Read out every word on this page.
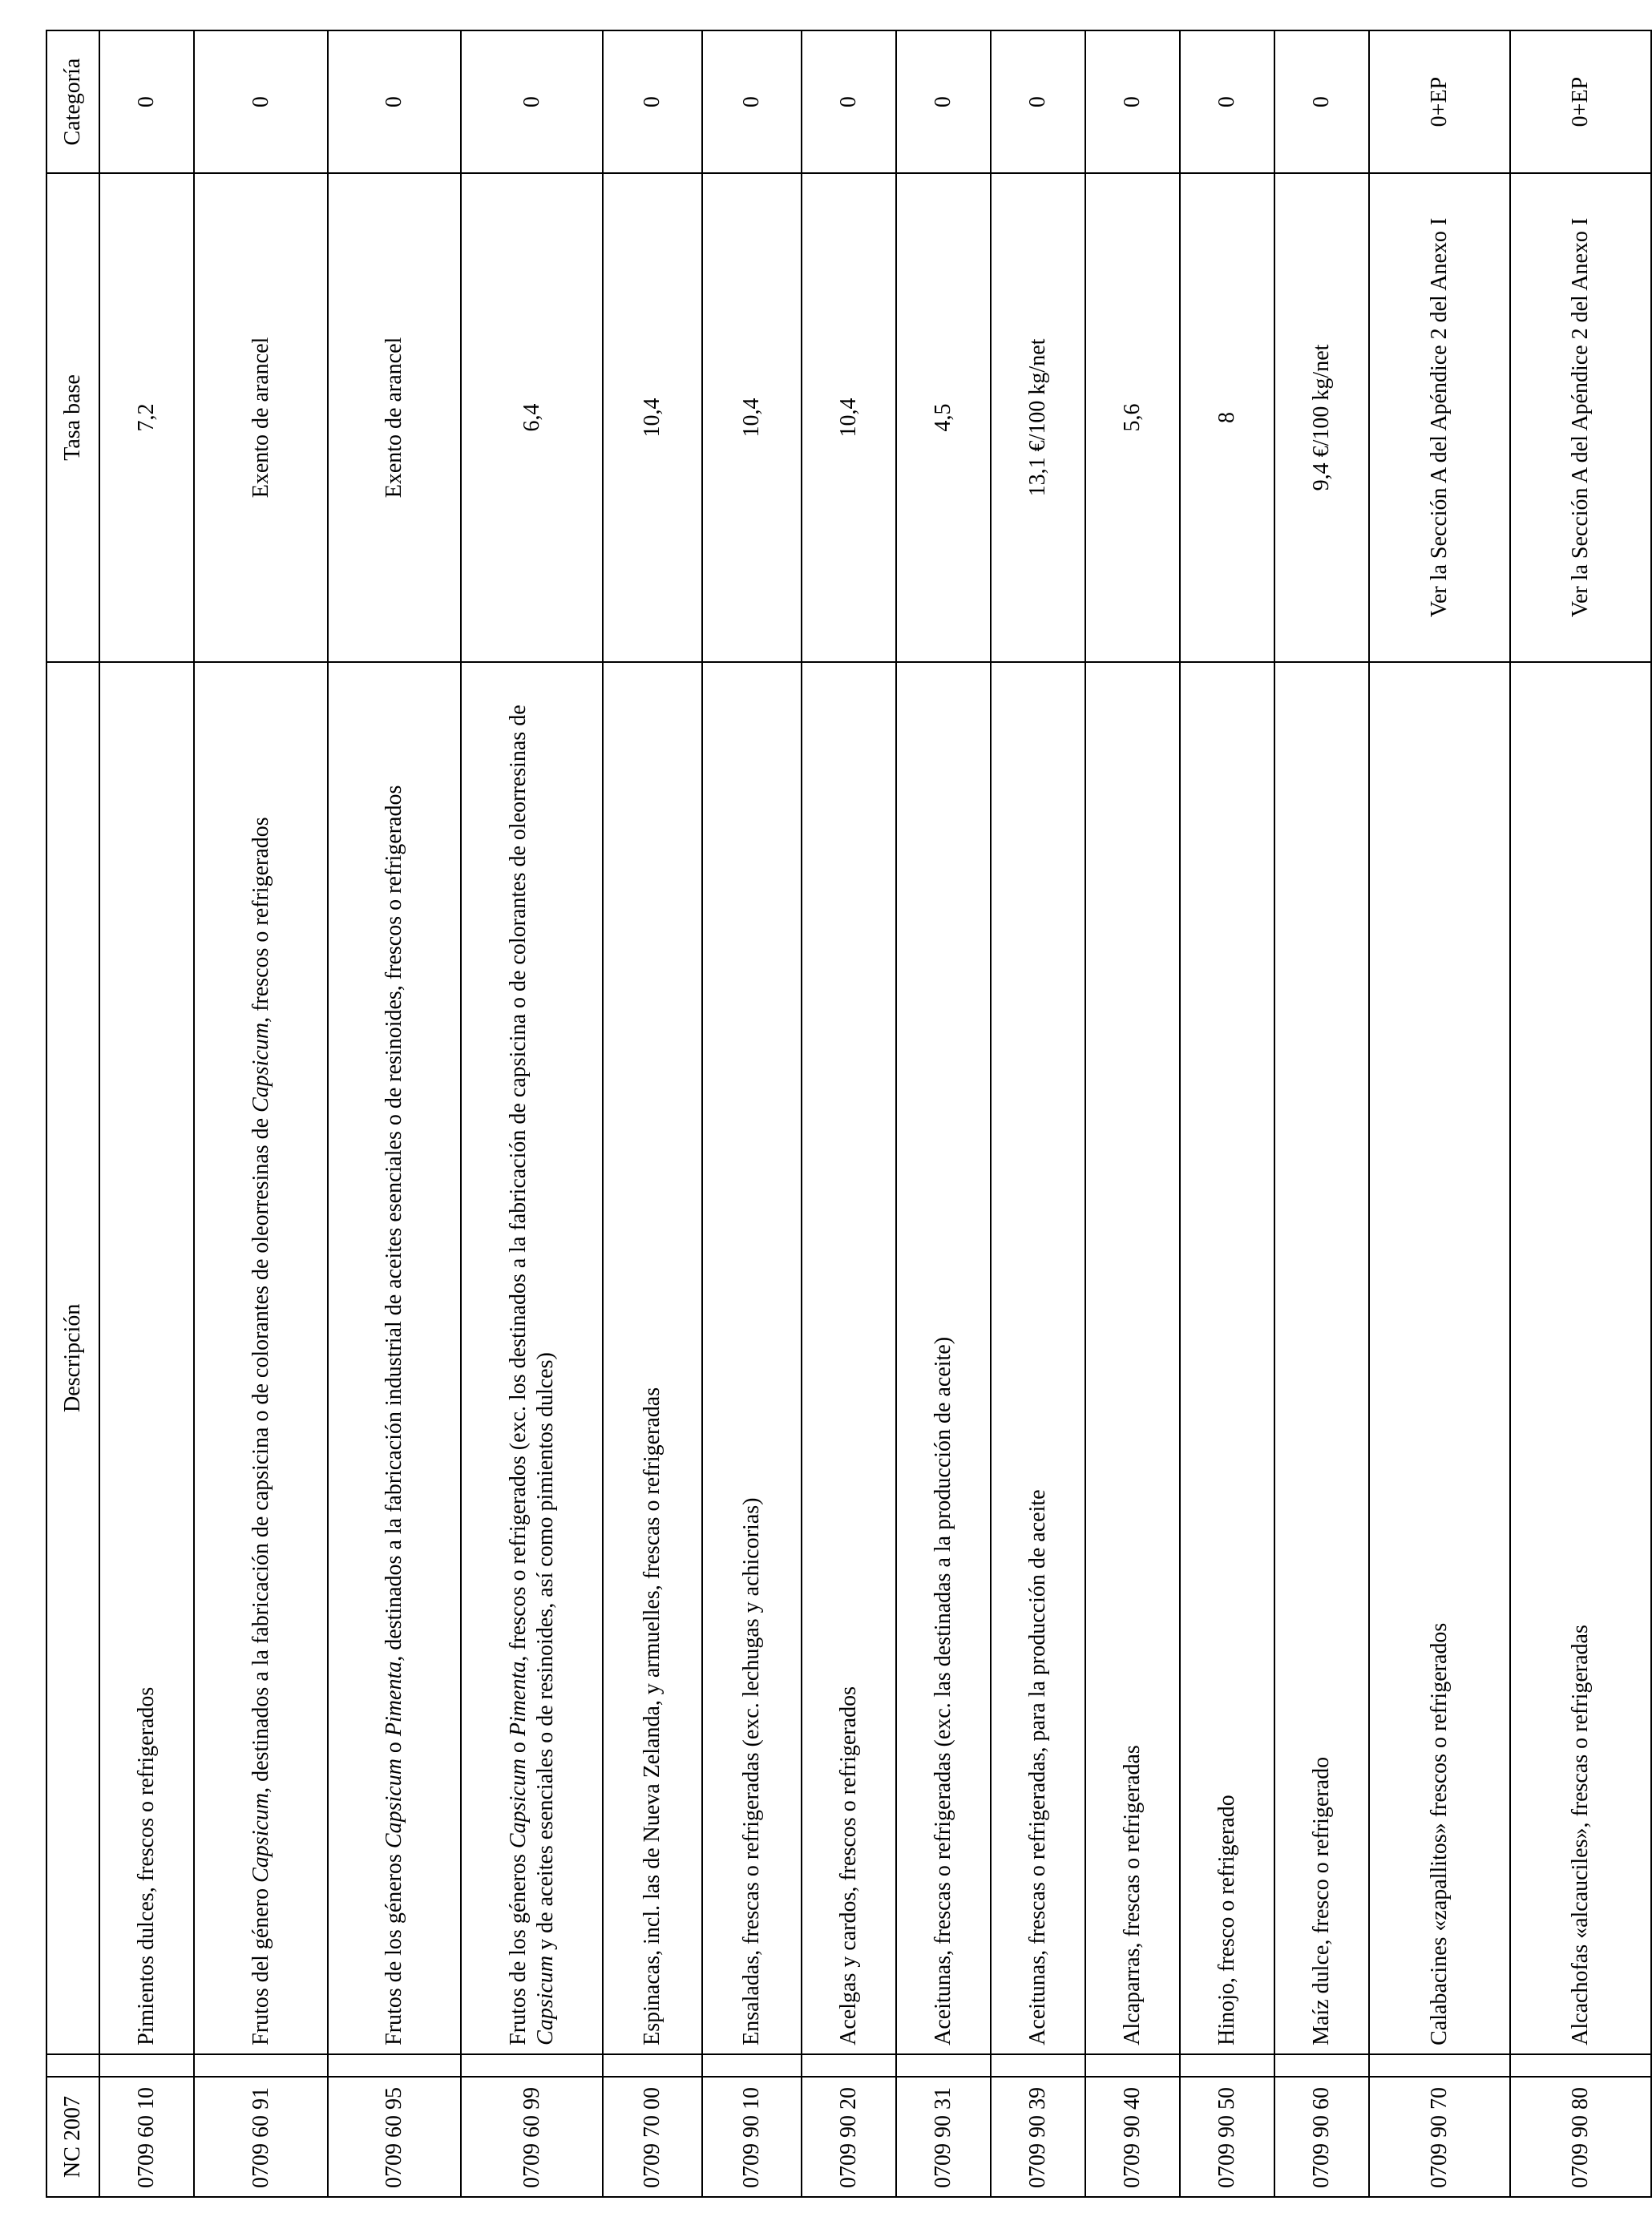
NC 2007		Descripción	Tasa base	Categoría
0709 60 10		Pimientos dulces, frescos o refrigerados	7,2	0
0709 60 91		Frutos del género Capsicum, destinados a la fabricación de capsicina o de colorantes de oleorresinas de Capsicum, frescos o refrigerados	Exento de arancel	0
0709 60 95		Frutos de los géneros Capsicum o Pimenta, destinados a la fabricación industrial de aceites esenciales o de resinoides, frescos o refrigerados	Exento de arancel	0
0709 60 99		Frutos de los géneros Capsicum o Pimenta, frescos o refrigerados (exc. los destinados a la fabricación de capsicina o de colorantes de oleorresinas de Capsicum y de aceites esenciales o de resinoides, así como pimientos dulces)	6,4	0
0709 70 00		Espinacas, incl. las de Nueva Zelanda, y armuelles, frescas o refrigeradas	10,4	0
0709 90 10		Ensaladas, frescas o refrigeradas (exc. lechugas y achicorias)	10,4	0
0709 90 20		Acelgas y cardos, frescos o refrigerados	10,4	0
0709 90 31		Aceitunas, frescas o refrigeradas (exc. las destinadas a la producción de aceite)	4,5	0
0709 90 39		Aceitunas, frescas o refrigeradas, para la producción de aceite	13,1 €/100 kg/net	0
0709 90 40		Alcaparras, frescas o refrigeradas	5,6	0
0709 90 50		Hinojo, fresco o refrigerado	8	0
0709 90 60		Maíz dulce, fresco o refrigerado	9,4 €/100 kg/net	0
0709 90 70		Calabacines «zapallitos» frescos o refrigerados	Ver la Sección A del Apéndice 2 del Anexo I	0+EP
0709 90 80		Alcachofas «alcauciles», frescas o refrigeradas	Ver la Sección A del Apéndice 2 del Anexo I	0+EP
